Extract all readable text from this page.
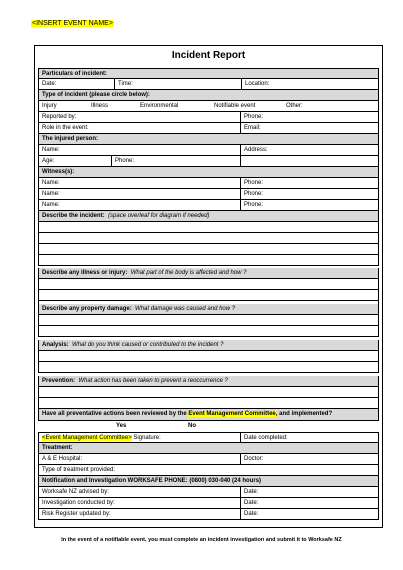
<INSERT EVENT NAME>
Incident Report
Particulars of incident:
Date:	Time:	Location:
Type of incident (please circle below):
Injury	Illness	Environmental	Notifiable event	Other:
Reported by:	Phone:
Role in the event:	Email:
The injured person:
Name:	Address:
Age:	Phone:
Witness(s):
Name:	Phone:
Name:	Phone:
Name:	Phone:
Describe the incident: (space overleaf for diagram if needed)
Describe any illness or injury: What part of the body is affected and how ?
Describe any property damage: What damage was caused and how ?
Analysis: What do you think caused or contributed to the incident ?
Prevention: What action has been taken to prevent a reoccurrence ?
Have all preventative actions been reviewed by the Event Management Committee, and implemented?
Yes	No
<Event Management Committee> Signature:	Date completed:
Treatment:
A & E Hospital:	Doctor:
Type of treatment provided:
Notification and Investigation WORKSAFE PHONE: (0800) 030-040 (24 hours)
Worksafe NZ advised by:	Date:
Investigation conducted by:	Date:
Risk Register updated by:	Date:
In the event of a notifiable event, you must complete an incident investigation and submit it to Worksafe NZ
